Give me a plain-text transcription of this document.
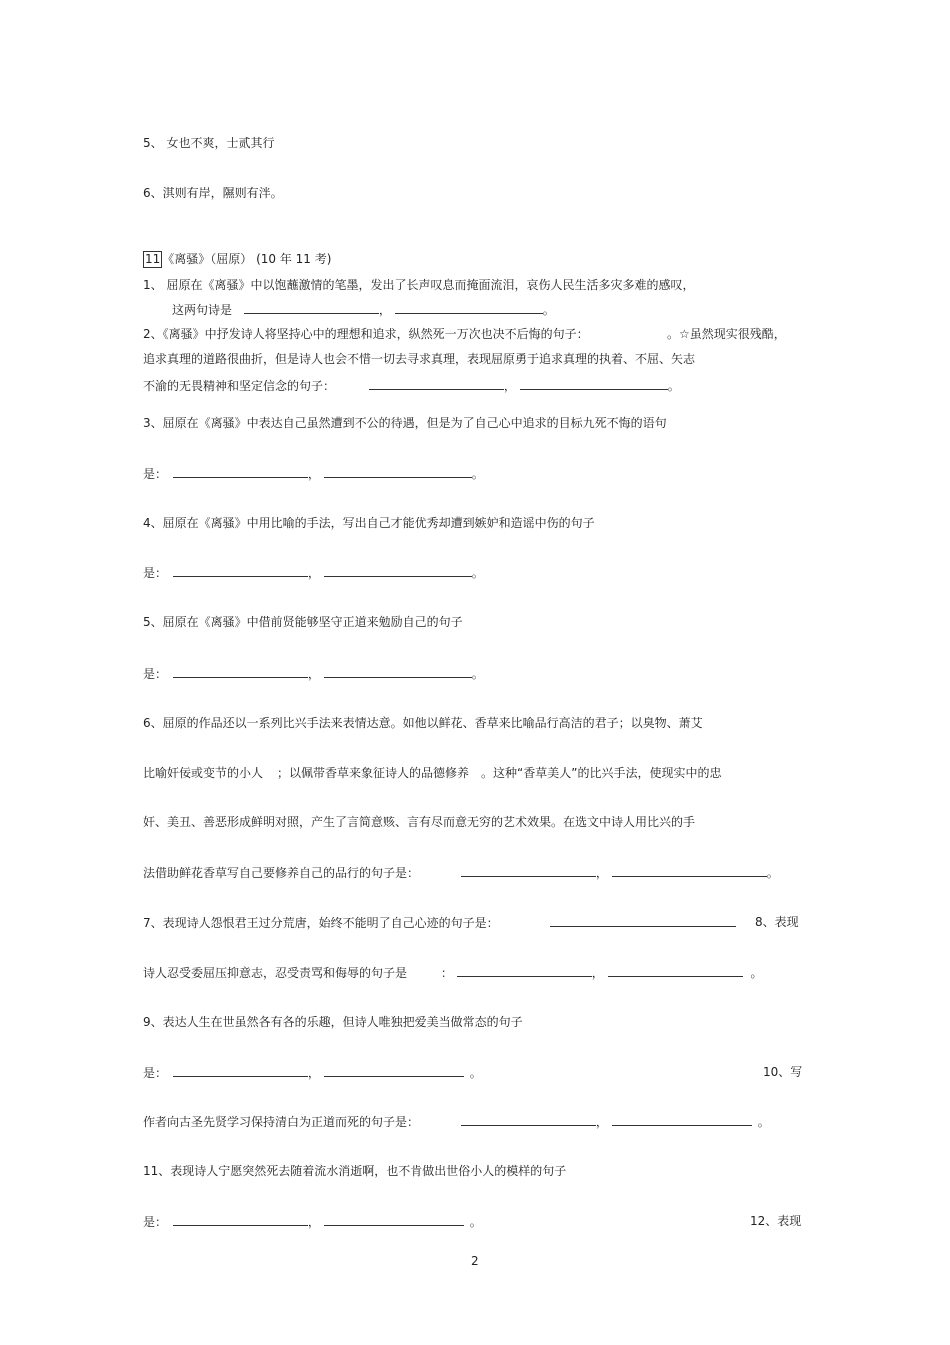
5、 女也不爽，士贰其行
6、淇则有岸，隰则有泮。
11 《离骚》（屈原） (10 年 11 考)
1、 屈原在《离骚》中以饱蘸激情的笔墨，发出了长声叹息而掩面流泪，哀伤人民生活多灾多难的感叹，
这两句诗是	，	。
2、《离骚》中抒发诗人将坚持心中的理想和追求，纵然死一万次也决不后悔的句子：	。☆虽然现实很残酷，
追求真理的道路很曲折，但是诗人也会不惜一切去寻求真理，表现屈原勇于追求真理的执着、不屈、矢志
不渝的无畏精神和坚定信念的句子：	，	。
3、屈原在《离骚》中表达自己虽然遭到不公的待遇，但是为了自己心中追求的目标九死不悔的语句
是：	，	。
4、屈原在《离骚》中用比喻的手法，写出自己才能优秀却遭到嫉妒和造谣中伤的句子
是：	，	。
5、屈原在《离骚》中借前贤能够坚守正道来勉励自己的句子
是：	，	。
6、屈原的作品还以一系列比兴手法来表情达意。如他以鲜花、香草来比喻品行高洁的君子；以臭物、萧艾
比喻奸佞或变节的小人 ；以佩带香草来象征诗人的品德修养 。这种“香草美人”的比兴手法，使现实中的忠
奸、美丑、善恶形成鲜明对照，产生了言简意赅、言有尽而意无穷的艺术效果。在选文中诗人用比兴的手
法借助鲜花香草写自己要修养自己的品行的句子是：	，	。
7、表现诗人怨恨君王过分荒唐，始终不能明了自己心迹的句子是：	8、表现
诗人忍受委屈压抑意志，忍受责骂和侮辱的句子是	：	，	。
9、表达人生在世虽然各有各的乐趣，但诗人唯独把爱美当做常态的句子
是：	，	。	10、写
作者向古圣先贤学习保持清白为正道而死的句子是：	，	。
11、表现诗人宁愿突然死去随着流水消逝啊，也不肯做出世俗小人的模样的句子
是：	，	。	12、表现
2
